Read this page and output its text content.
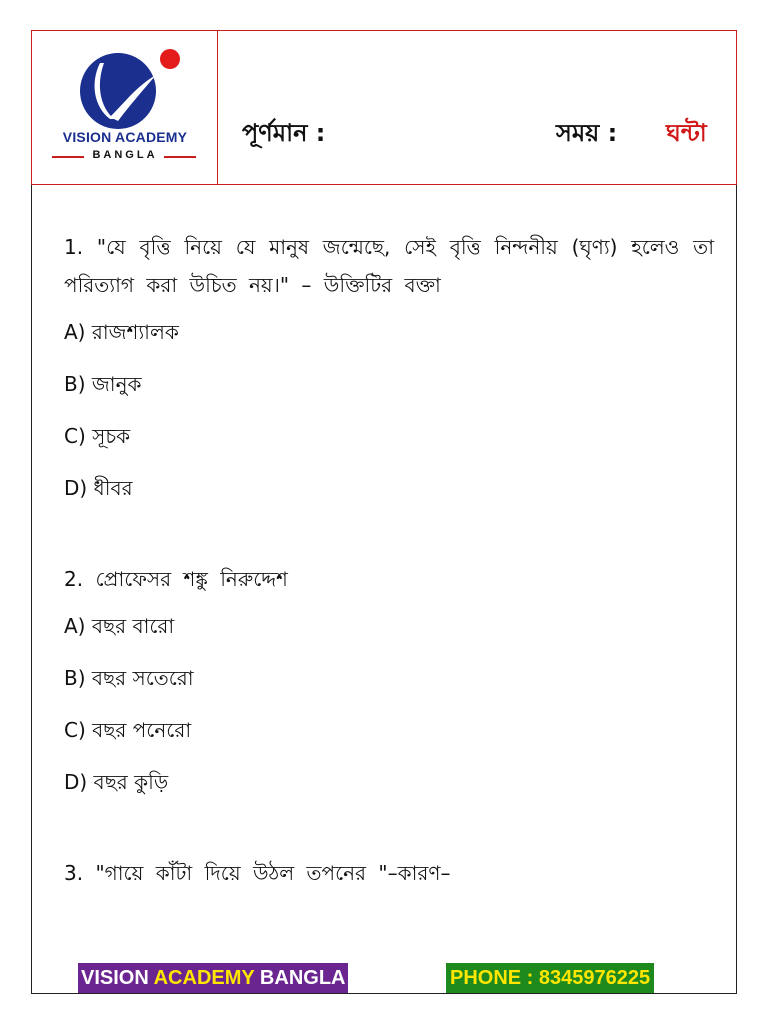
VISION ACADEMY
BANGLA
পূর্ণমান :	সময় : ঘন্টা
1. "যে বৃত্তি নিয়ে যে মানুষ জন্মেছে, সেই বৃত্তি নিন্দনীয় (ঘৃণ্য) হলেও তা পরিত্যাগ করা উচিত নয়।" – উক্তিটির বক্তা
A) রাজশ্যালক
B) জানুক
C) সূচক
D) ধীবর
2. প্রোফেসর শঙ্কু নিরুদ্দেশ
A) বছর বারো
B) বছর সতেরো
C) বছর পনেরো
D) বছর কুড়ি
3. "গায়ে কাঁটা দিয়ে উঠল তপনের "–কারণ–
VISION ACADEMY BANGLA	PHONE : 8345976225
